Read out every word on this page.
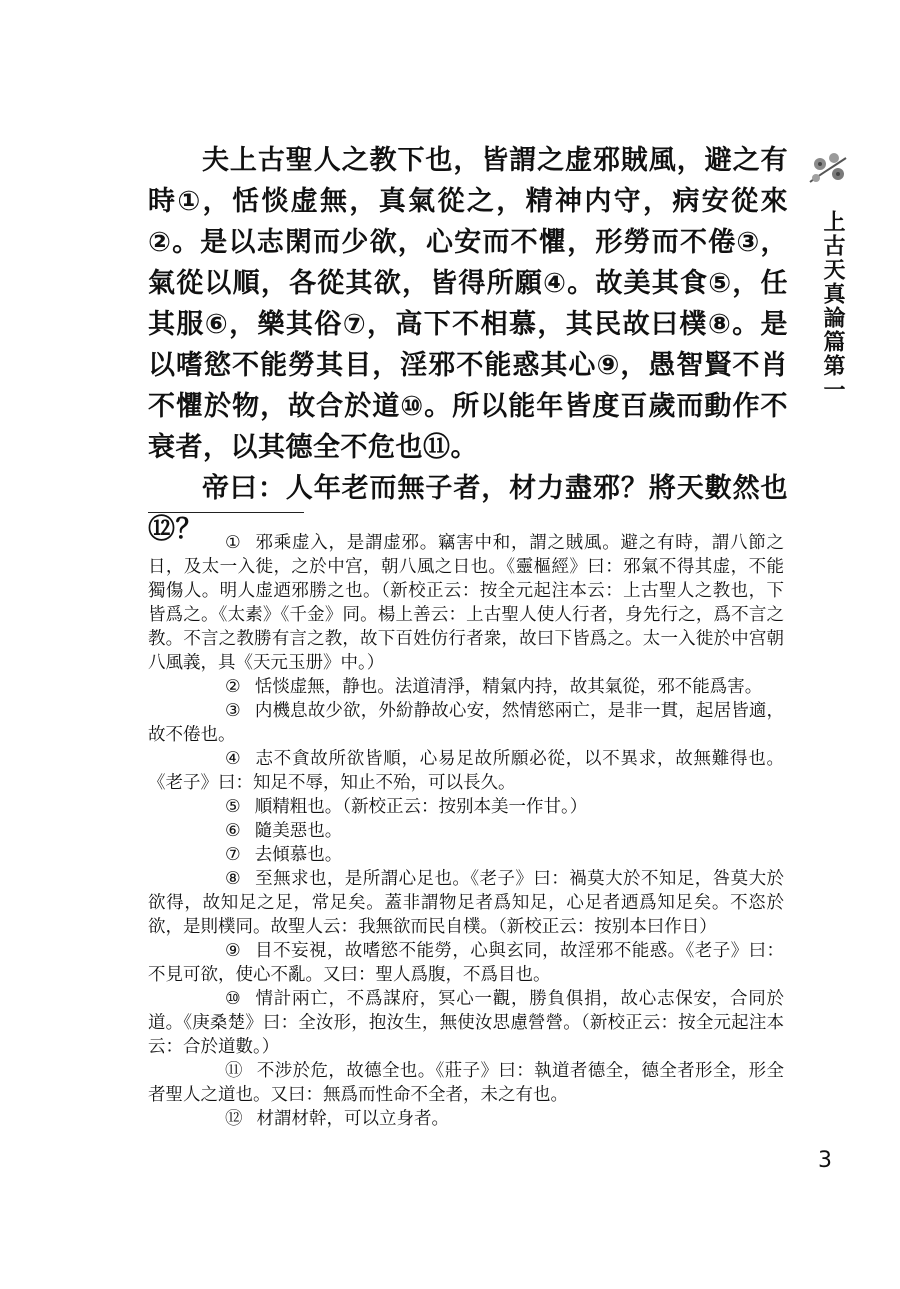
上古天真論篇第一

夫上古聖人之教下也，皆謂之虚邪賊風，避之有時①，恬惔虚無，真氣從之，精神内守，病安從來②。是以志閑而少欲，心安而不懼，形勞而不倦③，氣從以順，各從其欲，皆得所願④。故美其食⑤，任其服⑥，樂其俗⑦，高下不相慕，其民故曰樸⑧。是以嗜慾不能勞其目，淫邪不能惑其心⑨，愚智賢不肖不懼於物，故合於道⑩。所以能年皆度百歲而動作不衰者，以其德全不危也⑪。

帝曰：人年老而無子者，材力盡邪？將天數然也⑫？	① 邪乘虚入，是謂虚邪。竊害中和，謂之賊風。避之有時，謂八節之日，及太一入徙，之於中宫，朝八風之日也。《靈樞經》曰：邪氣不得其虚，不能獨傷人。明人虚迺邪勝之也。（新校正云：按全元起注本云：上古聖人之教也，下皆爲之。《太素》《千金》同。楊上善云：上古聖人使人行者，身先行之，爲不言之教。不言之教勝有言之教，故下百姓仿行者衆，故曰下皆爲之。太一入徙於中宫朝八風義，具《天元玉册》中。）

② 恬惔虚無，静也。法道清淨，精氣内持，故其氣從，邪不能爲害。

③ 内機息故少欲，外紛静故心安，然情慾兩亡，是非一貫，起居皆適，故不倦也。

④ 志不貪故所欲皆順，心易足故所願必從，以不異求，故無難得也。《老子》曰：知足不辱，知止不殆，可以長久。

⑤ 順精粗也。（新校正云：按别本美一作甘。）

⑥ 隨美惡也。

⑦ 去傾慕也。

⑧ 至無求也，是所謂心足也。《老子》曰：禍莫大於不知足，咎莫大於欲得，故知足之足，常足矣。蓋非謂物足者爲知足，心足者迺爲知足矣。不恣於欲，是則樸同。故聖人云：我無欲而民自樸。（新校正云：按别本曰作日）

⑨ 目不妄視，故嗜慾不能勞，心與玄同，故淫邪不能惑。《老子》曰：不見可欲，使心不亂。又曰：聖人爲腹，不爲目也。

⑩ 情計兩亡，不爲謀府，冥心一觀，勝負俱捐，故心志保安，合同於道。《庚桑楚》曰：全汝形，抱汝生，無使汝思慮營營。（新校正云：按全元起注本云：合於道數。）

⑪ 不涉於危，故德全也。《莊子》曰：執道者德全，德全者形全，形全者聖人之道也。又曰：無爲而性命不全者，未之有也。

⑫ 材謂材幹，可以立身者。

3
